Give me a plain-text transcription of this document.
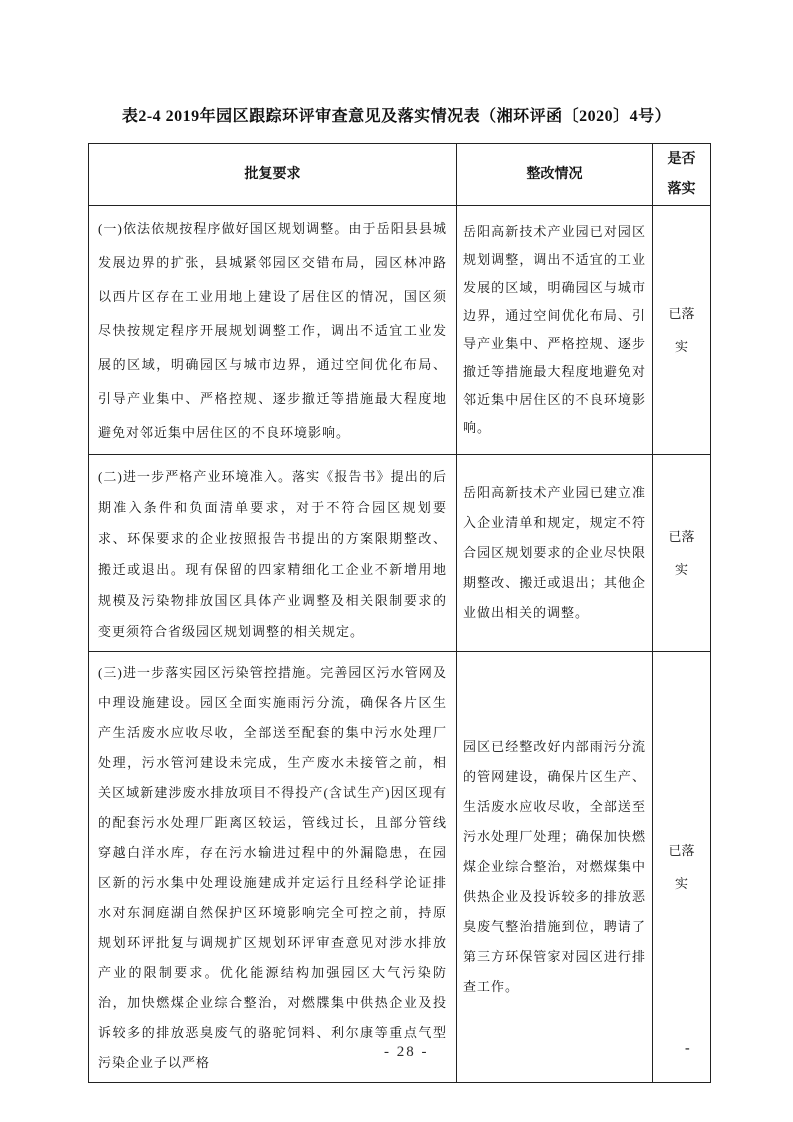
表2-4 2019年园区跟踪环评审查意见及落实情况表（湘环评函〔2020〕4号）
批复要求	整改情况	是否落实
(一)依法依规按程序做好国区规划调整。由于岳阳县县城发展边界的扩张，县城紧邻园区交错布局，园区林冲路以西片区存在工业用地上建设了居住区的情况，国区须尽快按规定程序开展规划调整工作，调出不适宜工业发展的区域，明确园区与城市边界，通过空间优化布局、引导产业集中、严格控规、逐步撤迁等措施最大程度地避免对邻近集中居住区的不良环境影响。	岳阳高新技术产业园已对园区规划调整，调出不适宜的工业发展的区域，明确园区与城市边界，通过空间优化布局、引导产业集中、严格控规、逐步撤迁等措施最大程度地避免对邻近集中居住区的不良环境影响。	已落实
(二)进一步严格产业环境准入。落实《报告书》提出的后期准入条件和负面清单要求，对于不符合园区规划要求、环保要求的企业按照报告书提出的方案限期整改、搬迁或退出。现有保留的四家精细化工企业不新增用地规模及污染物排放国区具体产业调整及相关限制要求的变更须符合省级园区规划调整的相关规定。	岳阳高新技术产业园已建立准入企业清单和规定，规定不符合园区规划要求的企业尽快限期整改、搬迁或退出；其他企业做出相关的调整。	已落实
(三)进一步落实园区污染管控措施。完善园区污水管网及中理设施建设。园区全面实施雨污分流，确保各片区生产生活废水应收尽收，全部送至配套的集中污水处理厂处理，污水管河建设未完成，生产废水未接管之前，相关区域新建涉废水排放项目不得投产(含试生产)因区现有的配套污水处理厂距离区较运，管线过长，且部分管线穿越白洋水库，存在污水输进过程中的外漏隐患，在园区新的污水集中处理设施建成并定运行且经科学论证排水对东洞庭湖自然保护区环境影响完全可控之前，持原规划环评批复与调规扩区规划环评审查意见对涉水排放产业的限制要求。优化能源结构加强园区大气污染防治，加快燃煤企业综合整治，对燃牒集中供热企业及投诉较多的排放恶臭废气的骆驼饲料、利尔康等重点气型污染企业子以严格	园区已经整改好内部雨污分流的管网建设，确保片区生产、生活废水应收尽收，全部送至污水处理厂处理；确保加快燃煤企业综合整治，对燃煤集中供热企业及投诉较多的排放恶臭废气整治措施到位，聘请了第三方环保管家对园区进行排查工作。	已落实
- 28 -	-
